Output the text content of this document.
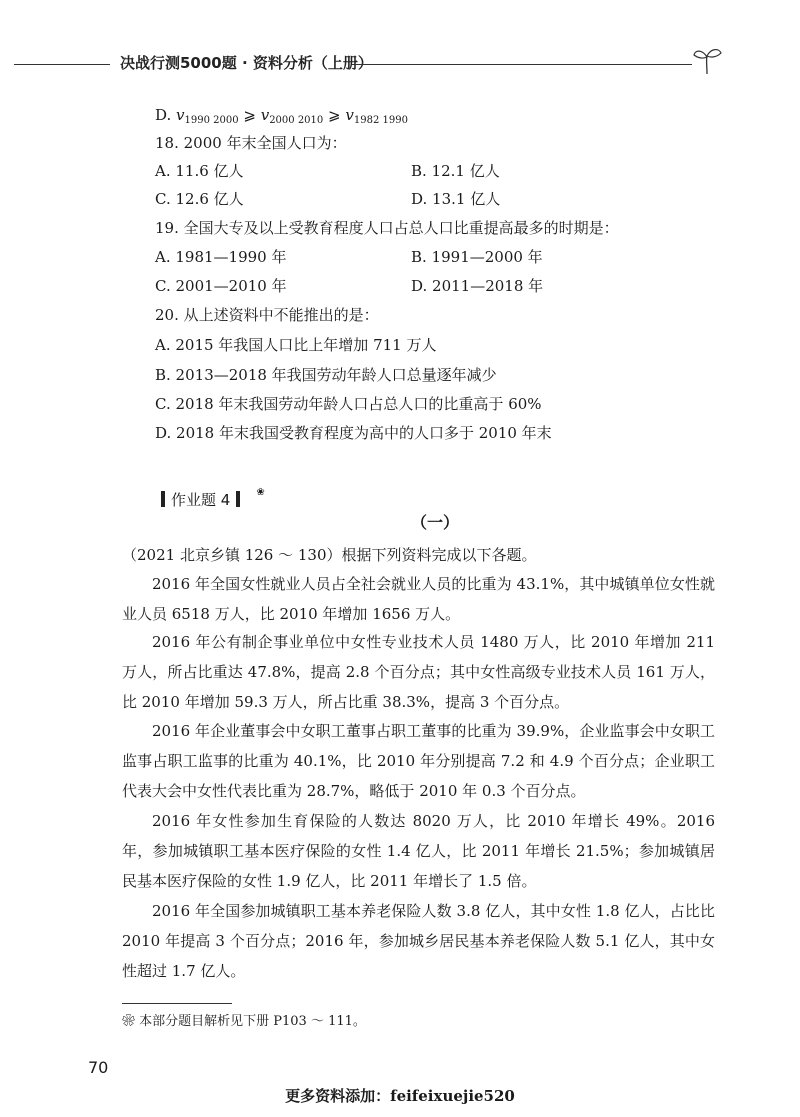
决战行测5000题 · 资料分析（上册）
D. $v_{1990 2000}$ ⩾ $v_{2000 2010}$ ⩾ $v_{1982 1990}$
18. 2000 年末全国人口为：
A. 11.6 亿人	B. 12.1 亿人
C. 12.6 亿人	D. 13.1 亿人
19. 全国大专及以上受教育程度人口占总人口比重提高最多的时期是：
A. 1981—1990 年	B. 1991—2000 年
C. 2001—2010 年	D. 2011—2018 年
20. 从上述资料中不能推出的是：
A. 2015 年我国人口比上年增加 711 万人
B. 2013—2018 年我国劳动年龄人口总量逐年减少
C. 2018 年末我国劳动年龄人口占总人口的比重高于 60%
D. 2018 年末我国受教育程度为高中的人口多于 2010 年末
作业题 4	❀
（一）
（2021 北京乡镇 126 ～ 130）根据下列资料完成以下各题。
2016 年全国女性就业人员占全社会就业人员的比重为 43.1%，其中城镇单位女性就业人员 6518 万人，比 2010 年增加 1656 万人。
2016 年公有制企事业单位中女性专业技术人员 1480 万人，比 2010 年增加 211 万人，所占比重达 47.8%，提高 2.8 个百分点；其中女性高级专业技术人员 161 万人，比 2010 年增加 59.3 万人，所占比重 38.3%，提高 3 个百分点。
2016 年企业董事会中女职工董事占职工董事的比重为 39.9%，企业监事会中女职工监事占职工监事的比重为 40.1%，比 2010 年分别提高 7.2 和 4.9 个百分点；企业职工代表大会中女性代表比重为 28.7%，略低于 2010 年 0.3 个百分点。
2016 年女性参加生育保险的人数达 8020 万人，比 2010 年增长 49%。2016 年，参加城镇职工基本医疗保险的女性 1.4 亿人，比 2011 年增长 21.5%；参加城镇居民基本医疗保险的女性 1.9 亿人，比 2011 年增长了 1.5 倍。
2016 年全国参加城镇职工基本养老保险人数 3.8 亿人，其中女性 1.8 亿人，占比比 2010 年提高 3 个百分点；2016 年，参加城乡居民基本养老保险人数 5.1 亿人，其中女性超过 1.7 亿人。
❀ 本部分题目解析见下册 P103 ～ 111。
70
更多资料添加：feifeixuejie520
